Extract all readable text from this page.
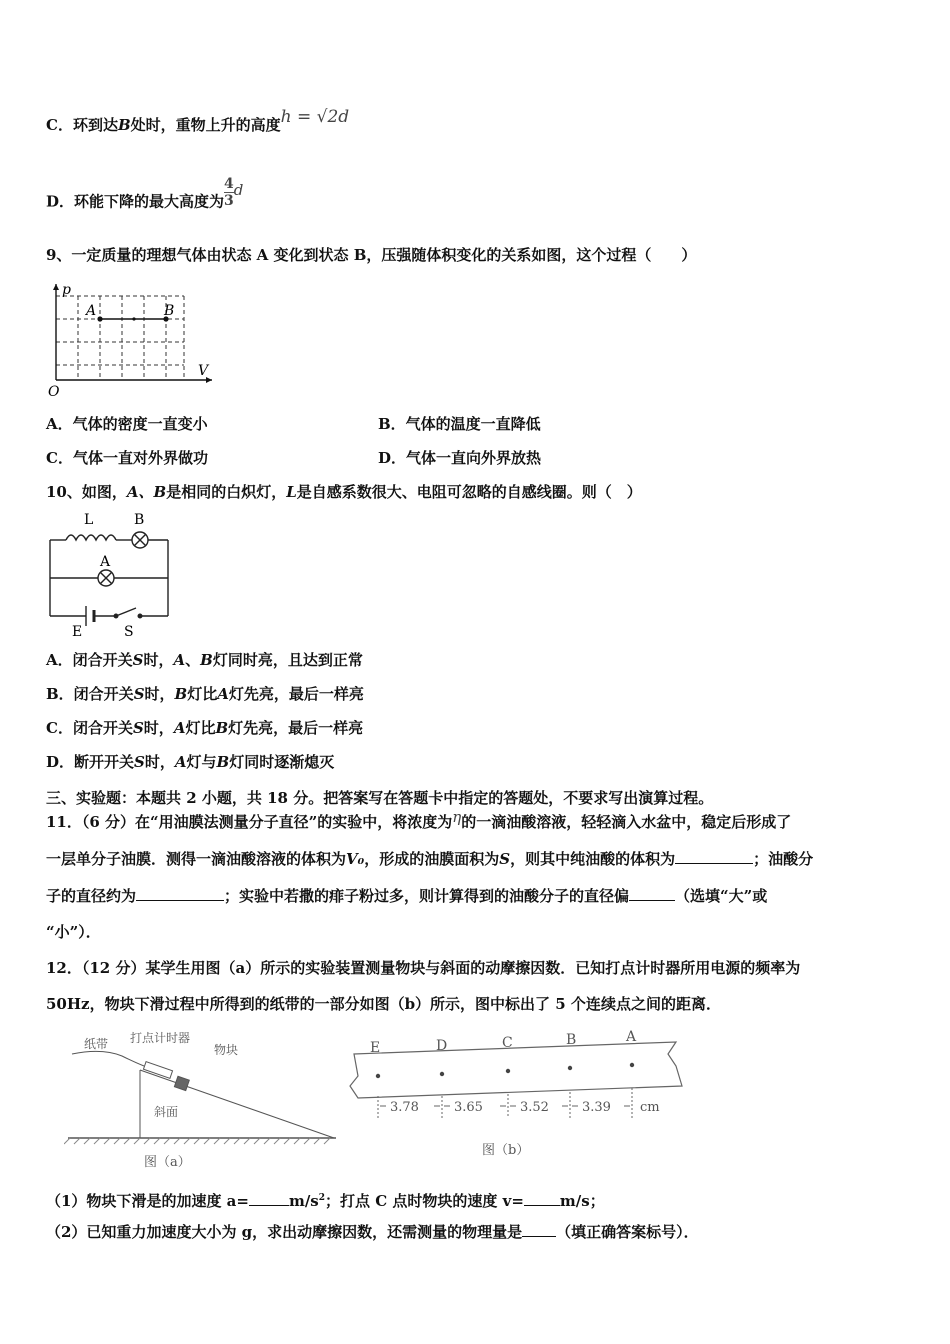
C．环到达B处时，重物上升的高度h = √2d
D．环能下降的最大高度为 $\frac{4}{3}$ d
9、一定质量的理想气体由状态 A 变化到状态 B，压强随体积变化的关系如图，这个过程（　　）
p
V
O
A	B
A．气体的密度一直变小	B．气体的温度一直降低
C．气体一直对外界做功	D．气体一直向外界放热
10、如图，A、B是相同的白炽灯，L是自感系数很大、电阻可忽略的自感线圈。则（　）
L	B
A
E	S
A．闭合开关S时，A、B灯同时亮，且达到正常
B．闭合开关S时，B灯比A灯先亮，最后一样亮
C．闭合开关S时，A灯比B灯先亮，最后一样亮
D．断开开关S时，A灯与B灯同时逐渐熄灭
三、实验题：本题共 2 小题，共 18 分。把答案写在答题卡中指定的答题处，不要求写出演算过程。
11．（6 分）在“用油膜法测量分子直径”的实验中，将浓度为η的一滴油酸溶液，轻轻滴入水盆中，稳定后形成了
一层单分子油膜．测得一滴油酸溶液的体积为V₀，形成的油膜面积为S，则其中纯油酸的体积为	；油酸分
子的直径约为	；实验中若撒的痱子粉过多，则计算得到的油酸分子的直径偏	（选填“大”或
“小”）．
12．（12 分）某学生用图（a）所示的实验装置测量物块与斜面的动摩擦因数．已知打点计时器所用电源的频率为
50Hz，物块下滑过程中所得到的纸带的一部分如图（b）所示，图中标出了 5 个连续点之间的距离．
纸带 打点计时器
物块
斜面
图（a）
E	D	C	B	A
3.78	3.65	3.52	3.39 cm
图（b）
（1）物块下滑是的加速度 a=	$m/s^2$；打点 C 点时物块的速度 v= m/s；
（2）已知重力加速度大小为 g，求出动摩擦因数，还需测量的物理量是 （填正确答案标号）．
